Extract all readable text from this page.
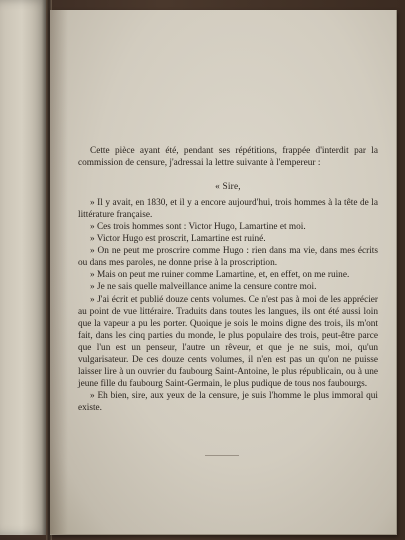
Cette pièce ayant été, pendant ses répétitions, frappée d'interdit par la commission de censure, j'adressai la lettre suivante à l'empereur :

« Sire,

» Il y avait, en 1830, et il y a encore aujourd'hui, trois hommes à la tête de la littérature française.

» Ces trois hommes sont : Victor Hugo, Lamartine et moi.

» Victor Hugo est proscrit, Lamartine est ruiné.

» On ne peut me proscrire comme Hugo : rien dans ma vie, dans mes écrits ou dans mes paroles, ne donne prise à la proscription.

» Mais on peut me ruiner comme Lamartine, et, en effet, on me ruine.

» Je ne sais quelle malveillance anime la censure contre moi.

» J'ai écrit et publié douze cents volumes. Ce n'est pas à moi de les apprécier au point de vue littéraire. Traduits dans toutes les langues, ils ont été aussi loin que la vapeur a pu les porter. Quoique je sois le moins digne des trois, ils m'ont fait, dans les cinq parties du monde, le plus populaire des trois, peut-être parce que l'un est un penseur, l'autre un rêveur, et que je ne suis, moi, qu'un vulgarisateur. De ces douze cents volumes, il n'en est pas un qu'on ne puisse laisser lire à un ouvrier du faubourg Saint-Antoine, le plus républicain, ou à une jeune fille du faubourg Saint-Germain, le plus pudique de tous nos faubourgs.

» Eh bien, sire, aux yeux de la censure, je suis l'homme le plus immoral qui existe.
